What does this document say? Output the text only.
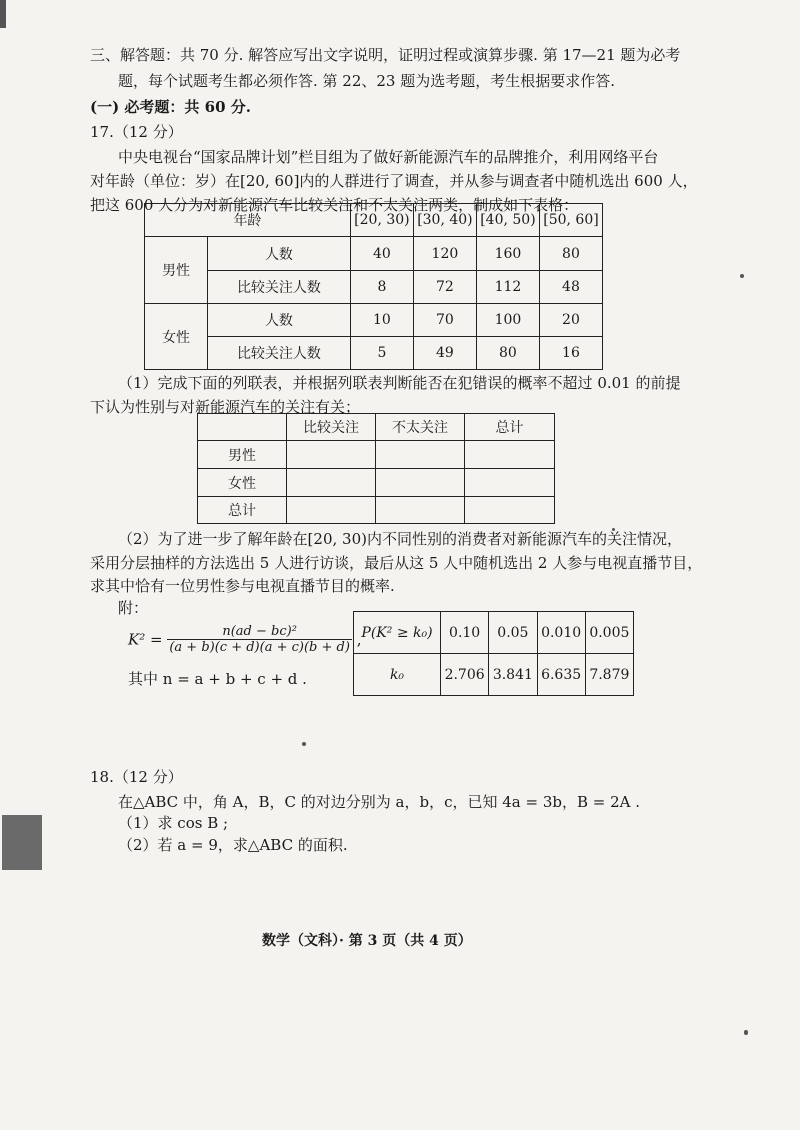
三、解答题：共 70 分. 解答应写出文字说明，证明过程或演算步骤. 第 17—21 题为必考
题，每个试题考生都必须作答. 第 22、23 题为选考题，考生根据要求作答.
(一) 必考题：共 60 分.
17.（12 分）
中央电视台“国家品牌计划”栏目组为了做好新能源汽车的品牌推介，利用网络平台
对年龄（单位：岁）在[20, 60]内的人群进行了调查，并从参与调查者中随机选出 600 人，
把这 600 人分为对新能源汽车比较关注和不太关注两类，制成如下表格：
年龄		[20, 30)	[30, 40)	[40, 50)	[50, 60]
男性	人数	40	120	160	80
	比较关注人数	8	72	112	48
女性	人数	10	70	100	20
	比较关注人数	5	49	80	16
（1）完成下面的列联表，并根据列联表判断能否在犯错误的概率不超过 0.01 的前提
下认为性别与对新能源汽车的关注有关；
	比较关注	不太关注	总计
男性			
女性			
总计			
（2）为了进一步了解年龄在[20, 30)内不同性别的消费者对新能源汽车的关注情况，
采用分层抽样的方法选出 5 人进行访谈，最后从这 5 人中随机选出 2 人参与电视直播节目，
求其中恰有一位男性参与电视直播节目的概率.
附：
$K^2 = \frac{\text{n(ad − bc)²}}{(a + b)(c + d)(a + c)(b + d)}$ ,
其中 n = a + b + c + d .
P(K² ≥ k₀)	0.10	0.05	0.010	0.005
k₀	2.706	3.841	6.635	7.879
18.（12 分）
在△ABC 中，角 A，B，C 的对边分别为 a，b，c，已知 4a = 3b，B = 2A .
（1）求 cos B ;
（2）若 a = 9，求△ABC 的面积.
数学（文科）· 第 3 页（共 4 页）
